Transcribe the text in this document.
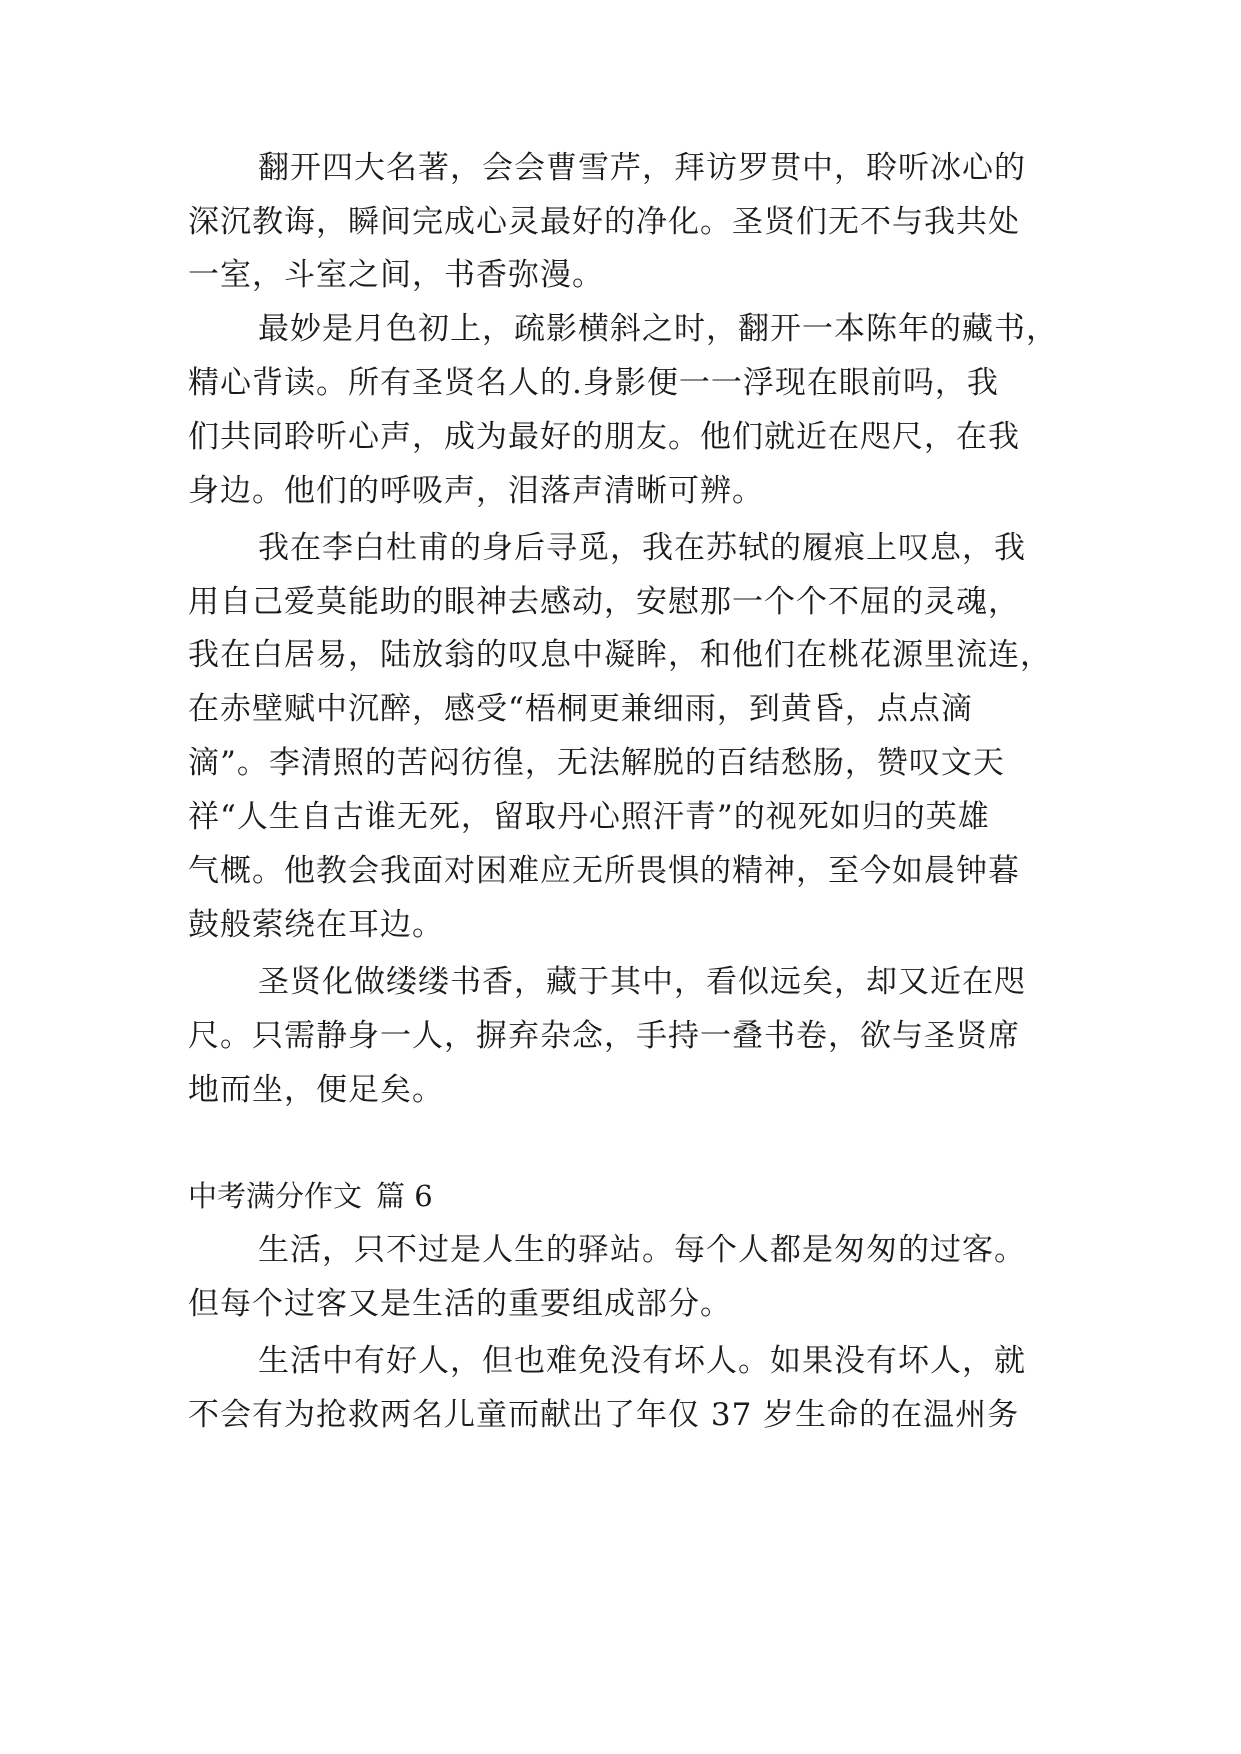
翻开四大名著，会会曹雪芹，拜访罗贯中，聆听冰心的
深沉教诲，瞬间完成心灵最好的净化。圣贤们无不与我共处
一室，斗室之间，书香弥漫。
最妙是月色初上，疏影横斜之时，翻开一本陈年的藏书，
精心背读。所有圣贤名人的.身影便一一浮现在眼前吗，我
们共同聆听心声，成为最好的朋友。他们就近在咫尺，在我
身边。他们的呼吸声，泪落声清晰可辨。
我在李白杜甫的身后寻觅，我在苏轼的履痕上叹息，我
用自己爱莫能助的眼神去感动，安慰那一个个不屈的灵魂，
我在白居易，陆放翁的叹息中凝眸，和他们在桃花源里流连，
在赤壁赋中沉醉，感受“梧桐更兼细雨，到黄昏，点点滴
滴”。李清照的苦闷彷徨，无法解脱的百结愁肠，赞叹文天
祥“人生自古谁无死，留取丹心照汗青”的视死如归的英雄
气概。他教会我面对困难应无所畏惧的精神，至今如晨钟暮
鼓般萦绕在耳边。
圣贤化做缕缕书香，藏于其中，看似远矣，却又近在咫
尺。只需静身一人，摒弃杂念，手持一叠书卷，欲与圣贤席
地而坐，便足矣。
中考满分作文 篇 6
生活，只不过是人生的驿站。每个人都是匆匆的过客。
但每个过客又是生活的重要组成部分。
生活中有好人，但也难免没有坏人。如果没有坏人，就
不会有为抢救两名儿童而献出了年仅 37 岁生命的在温州务
